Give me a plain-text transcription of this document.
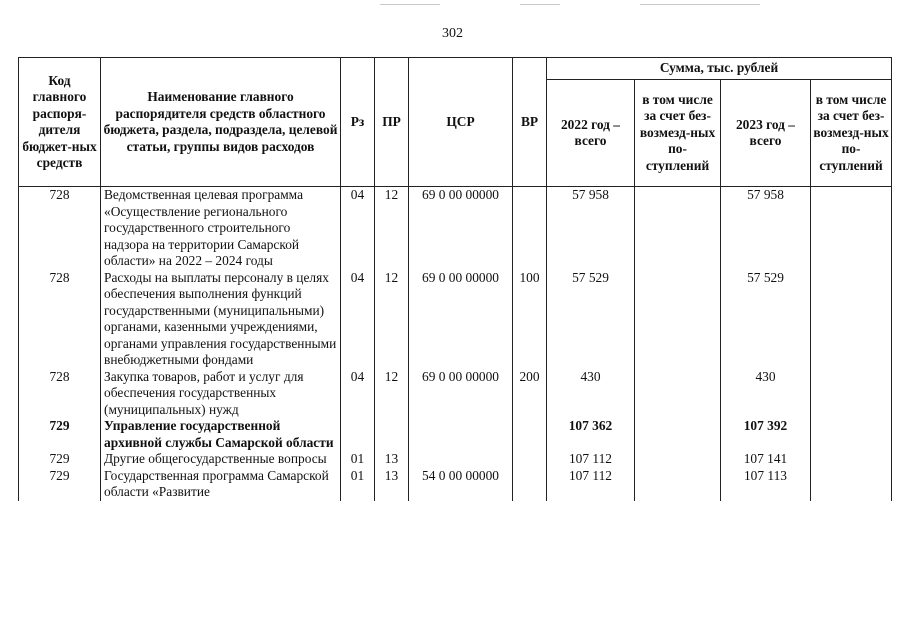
302
Код главного распоря-дителя бюджет-ных средств	Наименование главного распорядителя средств областного бюджета, раздела, подраздела, целевой статьи, группы видов расходов	Рз	ПР	ЦСР	ВР	Сумма, тыс. рублей			
						2022 год – всего	в том числе за счет без-возмезд-ных по-ступлений	2023 год – всего	в том числе за счет без-возмезд-ных по-ступлений
728	Ведомственная целевая программа «Осуществление регионального государственного строительного надзора на территории Самарской области» на 2022 – 2024 годы	04	12	69 0 00 00000		57 958		57 958	
728	Расходы на выплаты персоналу в целях обеспечения выполнения функций государственными (муниципальными) органами, казенными учреждениями, органами управления государственными внебюджетными фондами	04	12	69 0 00 00000	100	57 529		57 529	
728	Закупка товаров, работ и услуг для обеспечения государственных (муниципальных) нужд	04	12	69 0 00 00000	200	430		430	
729	Управление государственной архивной службы Самарской области					107 362		107 392	
729	Другие общегосударственные вопросы	01	13			107 112		107 141	
729	Государственная программа Самарской области «Развитие	01	13	54 0 00 00000		107 112		107 113	
